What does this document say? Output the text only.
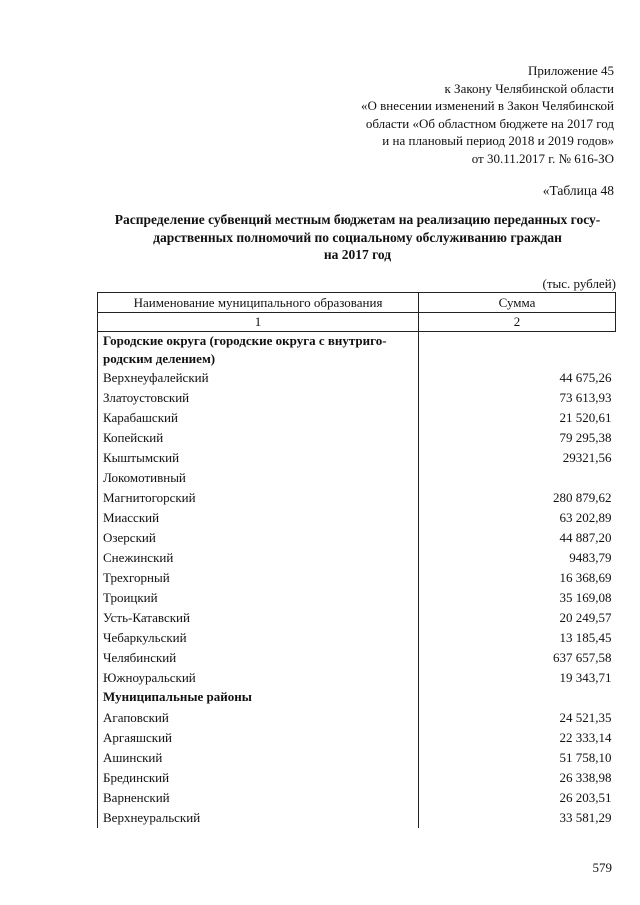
Приложение 45
к Закону Челябинской области
«О внесении изменений в Закон Челябинской
области «Об областном бюджете на 2017 год
и на плановый период 2018 и 2019 годов»
от 30.11.2017 г. № 616-ЗО
«Таблица 48
Распределение субвенций местным бюджетам на реализацию переданных госу-
дарственных полномочий по социальному обслуживанию граждан
на 2017 год
(тыс. рублей)
Наименование муниципального образования	Сумма
1	2

Городские округа (городские округа с внутриго-
родским делением)	

Верхнеуфалейский	44 675,26
Златоустовский	73 613,93
Карабашский	21 520,61
Копейский	79 295,38
Кыштымский	29321,56
Локомотивный	
Магнитогорский	280 879,62
Миасский	63 202,89
Озерский	44 887,20
Снежинский	9483,79
Трехгорный	16 368,69
Троицкий	35 169,08
Усть-Катавский	20 249,57
Чебаркульский	13 185,45
Челябинский	637 657,58
Южноуральский	19 343,71

Муниципальные районы	

Агаповский	24 521,35
Аргаяшский	22 333,14
Ашинский	51 758,10
Брединский	26 338,98
Варненский	26 203,51
Верхнеуральский	33 581,29
579
